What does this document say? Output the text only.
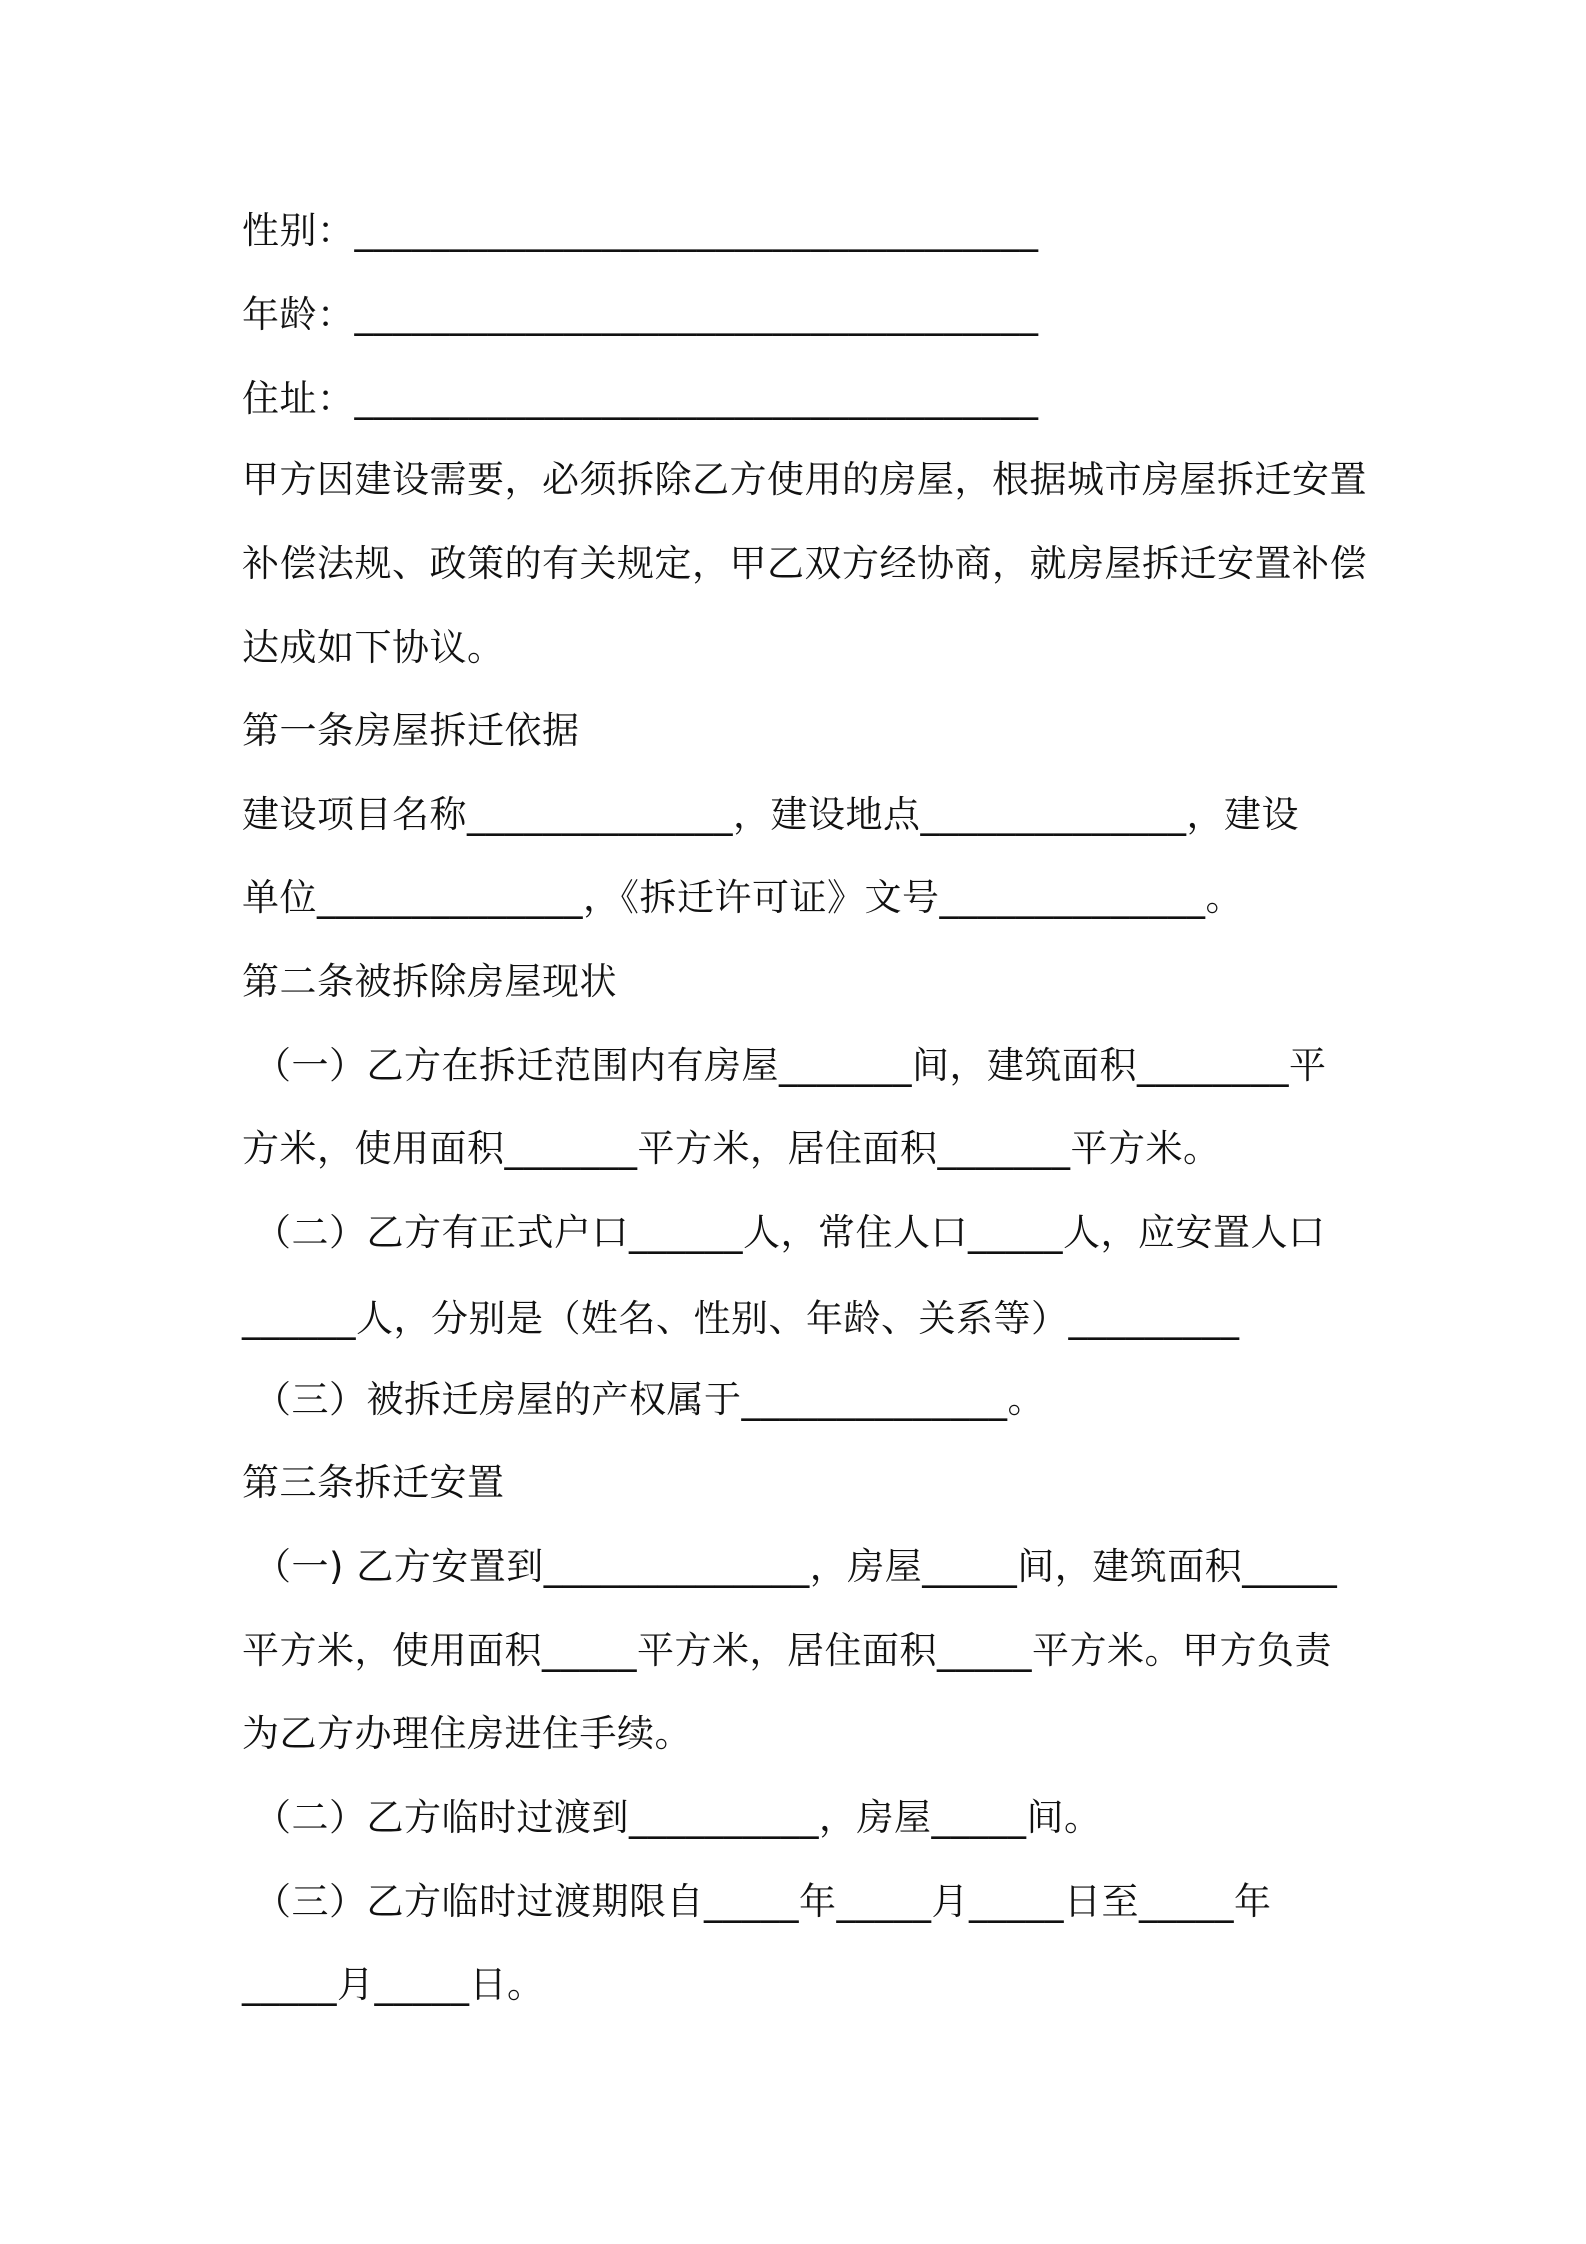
性别：____________________________________
年龄：____________________________________
住址：____________________________________
甲方因建设需要，必须拆除乙方使用的房屋，根据城市房屋拆迁安置
补偿法规、政策的有关规定，甲乙双方经协商，就房屋拆迁安置补偿
达成如下协议。
第一条房屋拆迁依据
建设项目名称______________，建设地点______________，建设
单位______________，《拆迁许可证》文号______________。
第二条被拆除房屋现状
（一）乙方在拆迁范围内有房屋_______间，建筑面积________平
方米，使用面积_______平方米，居住面积_______平方米。
（二）乙方有正式户口______人，常住人口_____人，应安置人口
______人，分别是（姓名、性别、年龄、关系等）_________
（三）被拆迁房屋的产权属于______________。
第三条拆迁安置
（一) 乙方安置到______________，房屋_____间，建筑面积_____
平方米，使用面积_____平方米，居住面积_____平方米。甲方负责
为乙方办理住房进住手续。
（二）乙方临时过渡到__________，房屋_____间。
（三）乙方临时过渡期限自_____年_____月_____日至_____年
_____月_____日。
